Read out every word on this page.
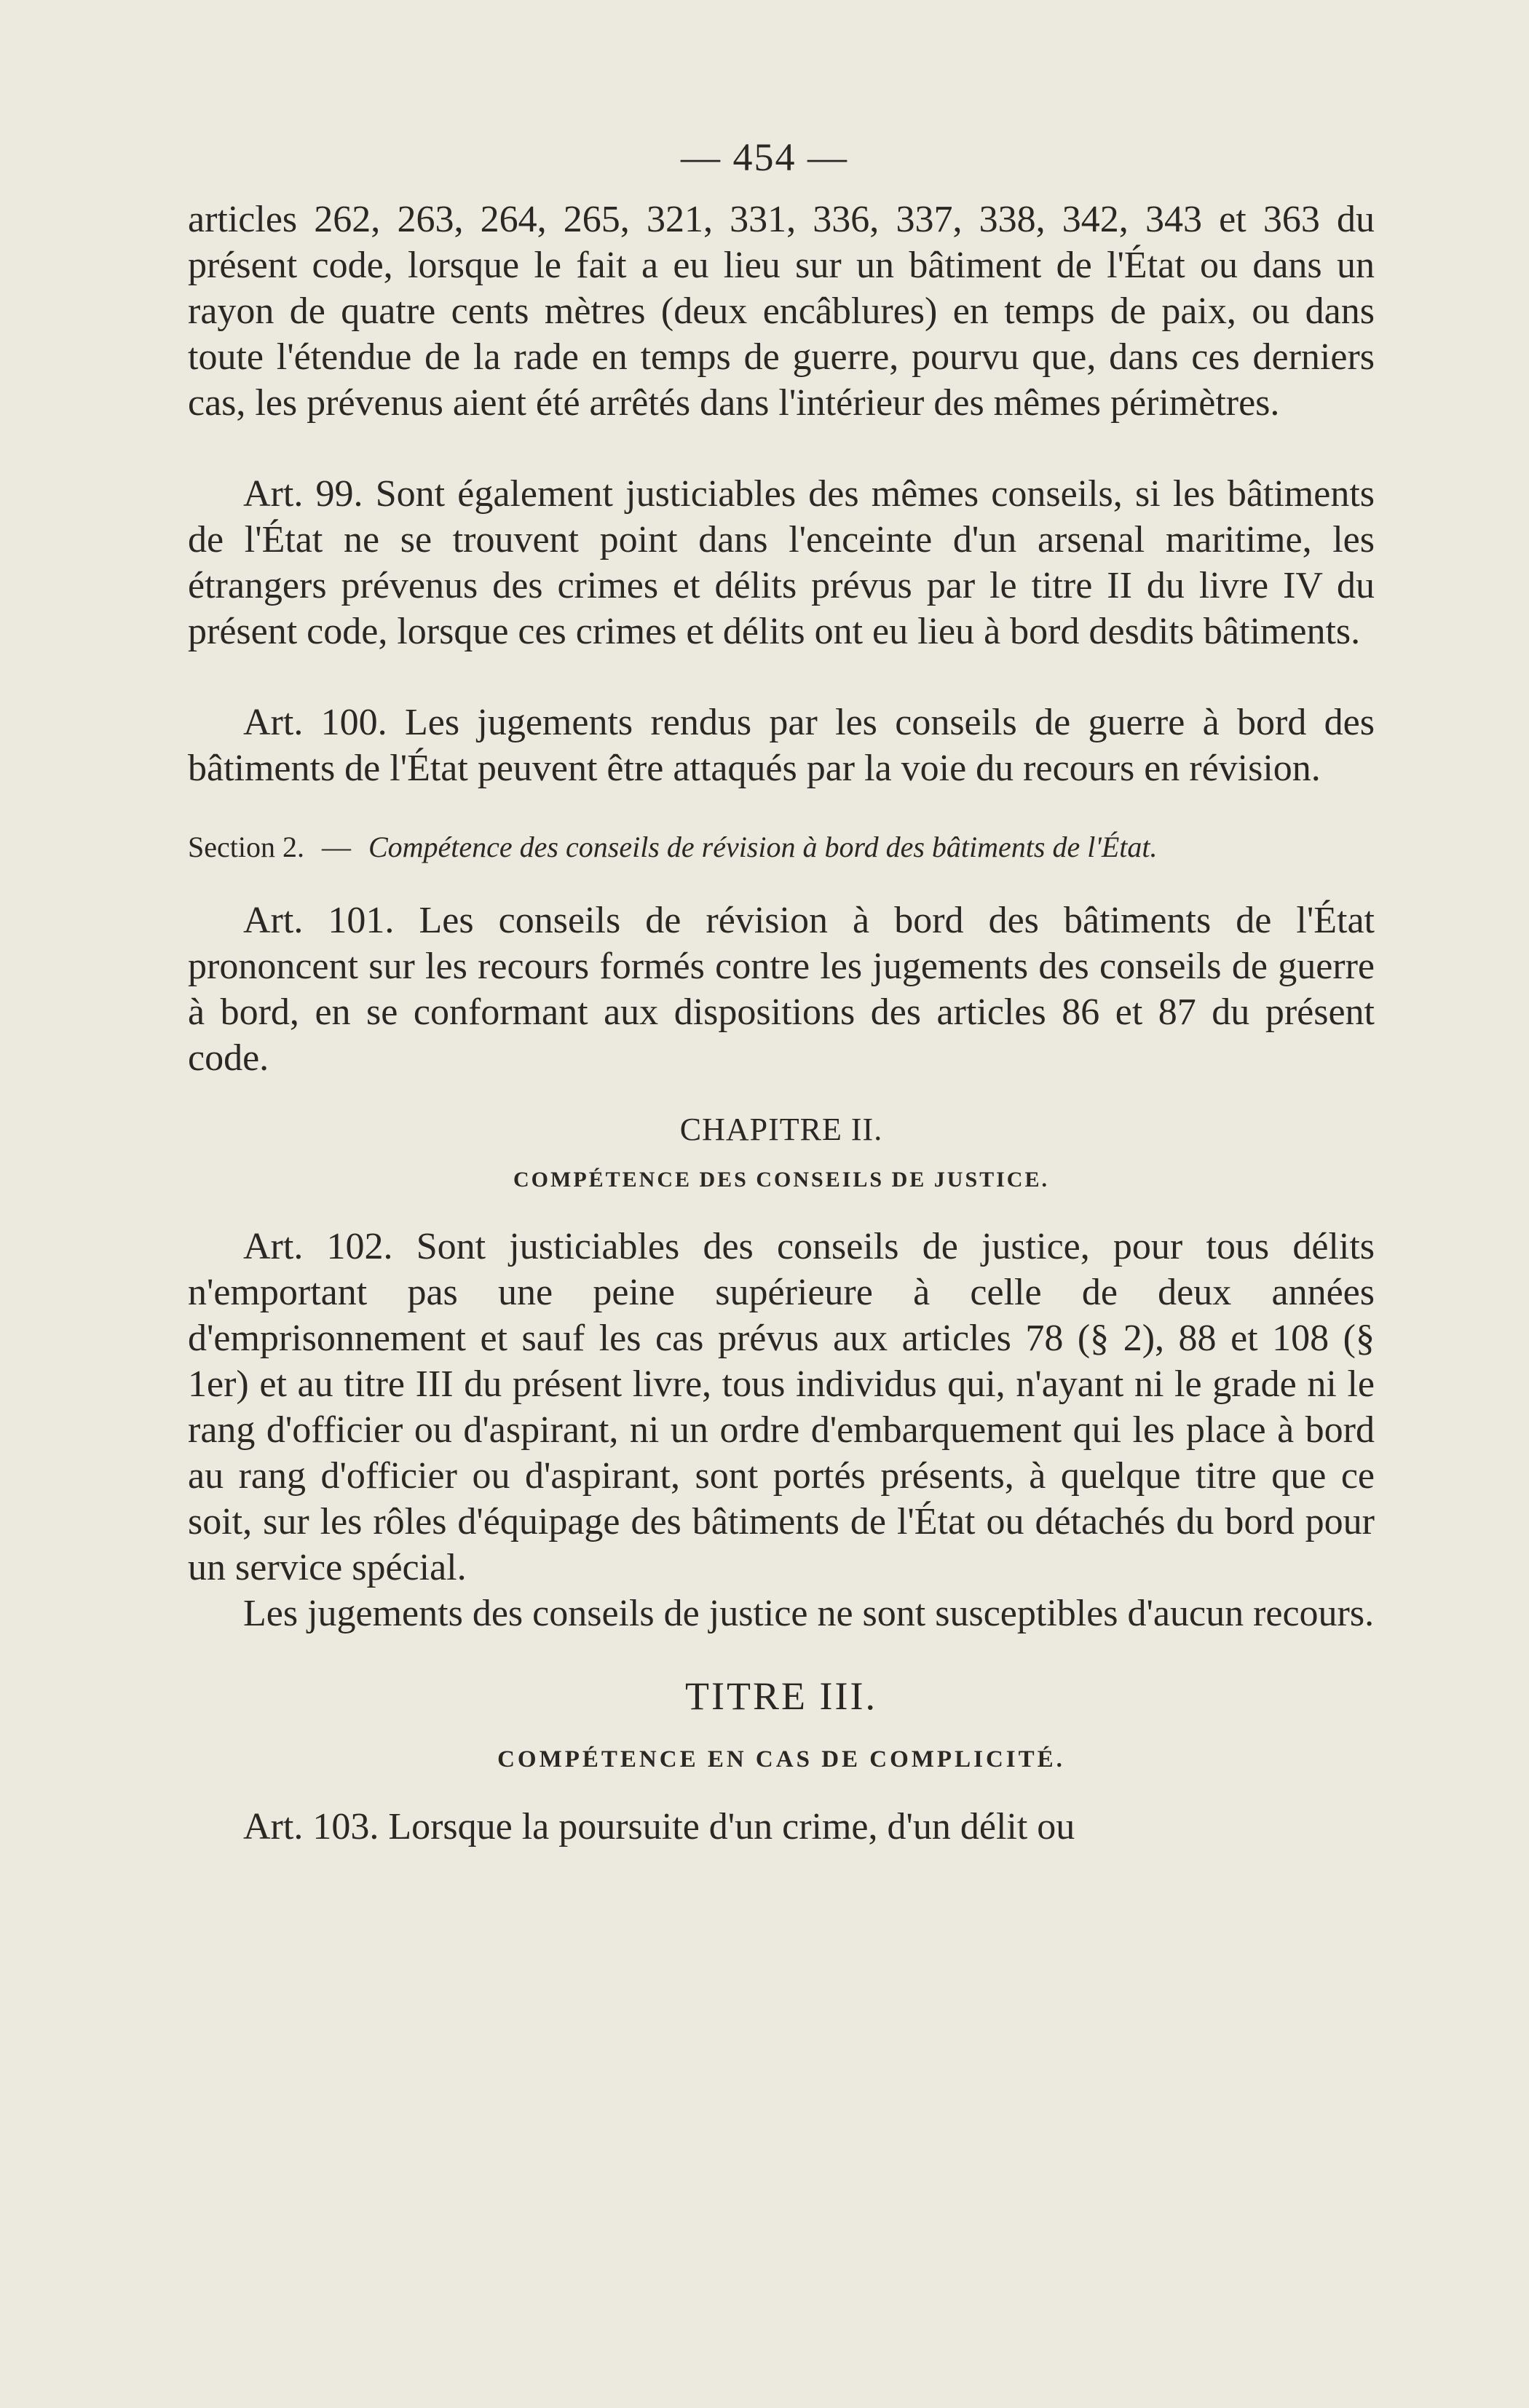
— 454 —

articles 262, 263, 264, 265, 321, 331, 336, 337, 338, 342, 343 et 363 du présent code, lorsque le fait a eu lieu sur un bâtiment de l'État ou dans un rayon de quatre cents mètres (deux encâblures) en temps de paix, ou dans toute l'étendue de la rade en temps de guerre, pourvu que, dans ces derniers cas, les prévenus aient été arrêtés dans l'intérieur des mêmes périmètres.

Art. 99. Sont également justiciables des mêmes conseils, si les bâtiments de l'État ne se trouvent point dans l'enceinte d'un arsenal maritime, les étrangers prévenus des crimes et délits prévus par le titre II du livre IV du présent code, lorsque ces crimes et délits ont eu lieu à bord desdits bâtiments.

Art. 100. Les jugements rendus par les conseils de guerre à bord des bâtiments de l'État peuvent être attaqués par la voie du recours en révision.

Section 2. — Compétence des conseils de révision à bord des bâtiments de l'État.

Art. 101. Les conseils de révision à bord des bâtiments de l'État prononcent sur les recours formés contre les jugements des conseils de guerre à bord, en se conformant aux dispositions des articles 86 et 87 du présent code.

CHAPITRE II.
COMPÉTENCE DES CONSEILS DE JUSTICE.

Art. 102. Sont justiciables des conseils de justice, pour tous délits n'emportant pas une peine supérieure à celle de deux années d'emprisonnement et sauf les cas prévus aux articles 78 (§ 2), 88 et 108 (§ 1er) et au titre III du présent livre, tous individus qui, n'ayant ni le grade ni le rang d'officier ou d'aspirant, ni un ordre d'embarquement qui les place à bord au rang d'officier ou d'aspirant, sont portés présents, à quelque titre que ce soit, sur les rôles d'équipage des bâtiments de l'État ou détachés du bord pour un service spécial.

Les jugements des conseils de justice ne sont susceptibles d'aucun recours.

TITRE III.
COMPÉTENCE EN CAS DE COMPLICITÉ.

Art. 103. Lorsque la poursuite d'un crime, d'un délit ou
